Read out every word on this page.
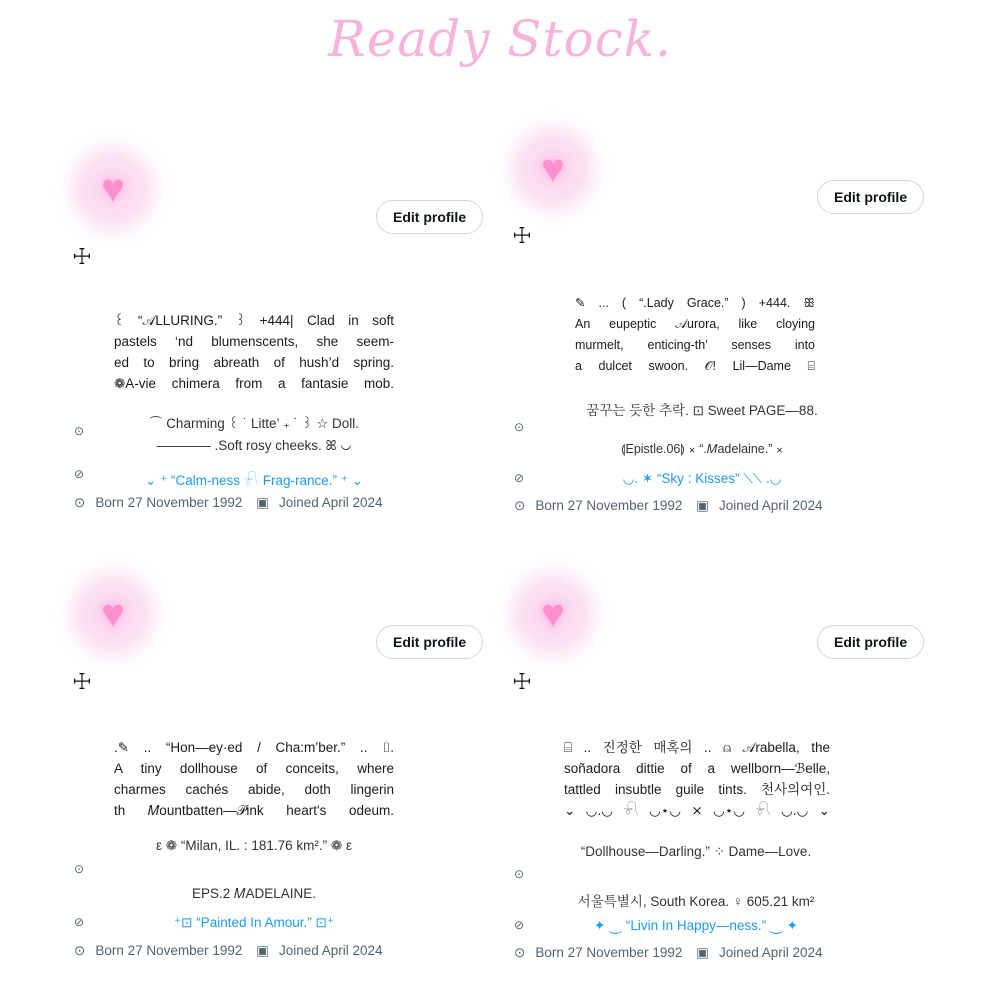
Ready Stock.
♥
Edit profile
☩
꒰ “𝒜LLURING.” ꒱ +444| Clad in soft
pastels ‘nd blumenscents, she seem-
ed to bring abreath of hush’d spring.
❁A-vie chimera from a fantasie mob.
⊙	⌒ Charming ꒰ ˙ Litte’ ₊ ˙ ꒱ ☆ Doll.
———— .Soft rosy cheeks. ꕤ ◡
⊘	⌄ ⁺ “Calm-ness 𓍯 Frag-rance.” ⁺ ⌄
⊙ Born 27 November 1992 ▣ Joined April 2024
♥
Edit profile
☩
✎ ... ( “.Lady Grace.” ) +444. ꕥ
An eupeptic 𝒜urora, like cloying
murmelt, enticing-th’ senses into
a dulcet swoon. 𝒪! Lil—Dame ⌸
⊙
꿈꾸는 듯한 추락. ⊡ Sweet PAGE—88.
⟬Epistle.06⟭ ⨯ “.𝑀adelaine.” ⨯
⊘	◡. ✶ “Sky : Kisses” ⟍⟍ .◡
⊙ Born 27 November 1992 ▣ Joined April 2024
♥
Edit profile
☩
.✎ .. “Hon—ey·ed / Cha:m’ber.” .. ⌷.
A tiny dollhouse of conceits, where
charmes cachés abide, doth lingerin
th 𝑀ountbatten—𝒫ink heart's odeum.
⊙
ε ❁ “Milan, IL. : 181.76 km².” ❁ ε
EPS.2 𝑀ADELAINE.
⊘	⁺⊡ “Painted In Amour.” ⊡⁺
⊙ Born 27 November 1992 ▣ Joined April 2024
♥
Edit profile
☩
⌸ .. 진정한 매혹의 .. ⍝ 𝒜rabella, the
soñadora dittie of a wellborn—ℬelle,
tattled insubtle guile tints. 천사의여인.
⌄ ◡.◡ 𓍯 ◡⋆◡ ⨯ ◡⋆◡ 𓍯 ◡.◡ ⌄
⊙
“Dollhouse—Darling.” ⁘ Dame—Love.
서울특별시, South Korea. ♀ 605.21 km²
⊘	✦ ⏝ “Livin In Happy—ness.” ⏝ ✦
⊙ Born 27 November 1992 ▣ Joined April 2024
